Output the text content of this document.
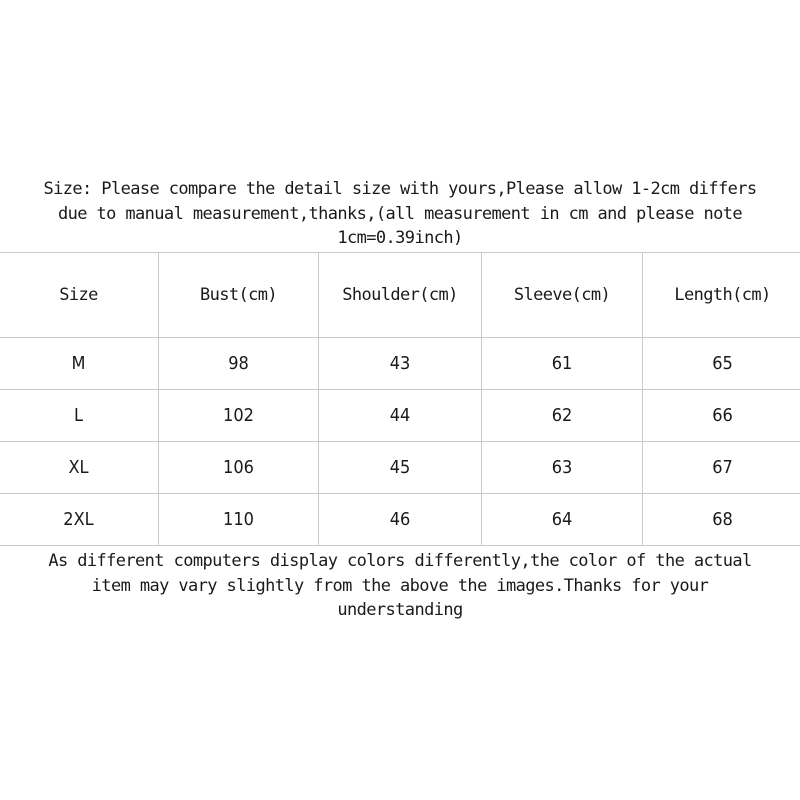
Size: Please compare the detail size with yours,Please allow 1-2cm differs
due to manual measurement,thanks,(all measurement in cm and please note
1cm=0.39inch)
Size	Bust(cm)	Shoulder(cm)	Sleeve(cm)	Length(cm)
M	98	43	61	65
L	102	44	62	66
XL	106	45	63	67
2XL	110	46	64	68
As different computers display colors differently,the color of the actual
item may vary slightly from the above the images.Thanks for your
understanding
